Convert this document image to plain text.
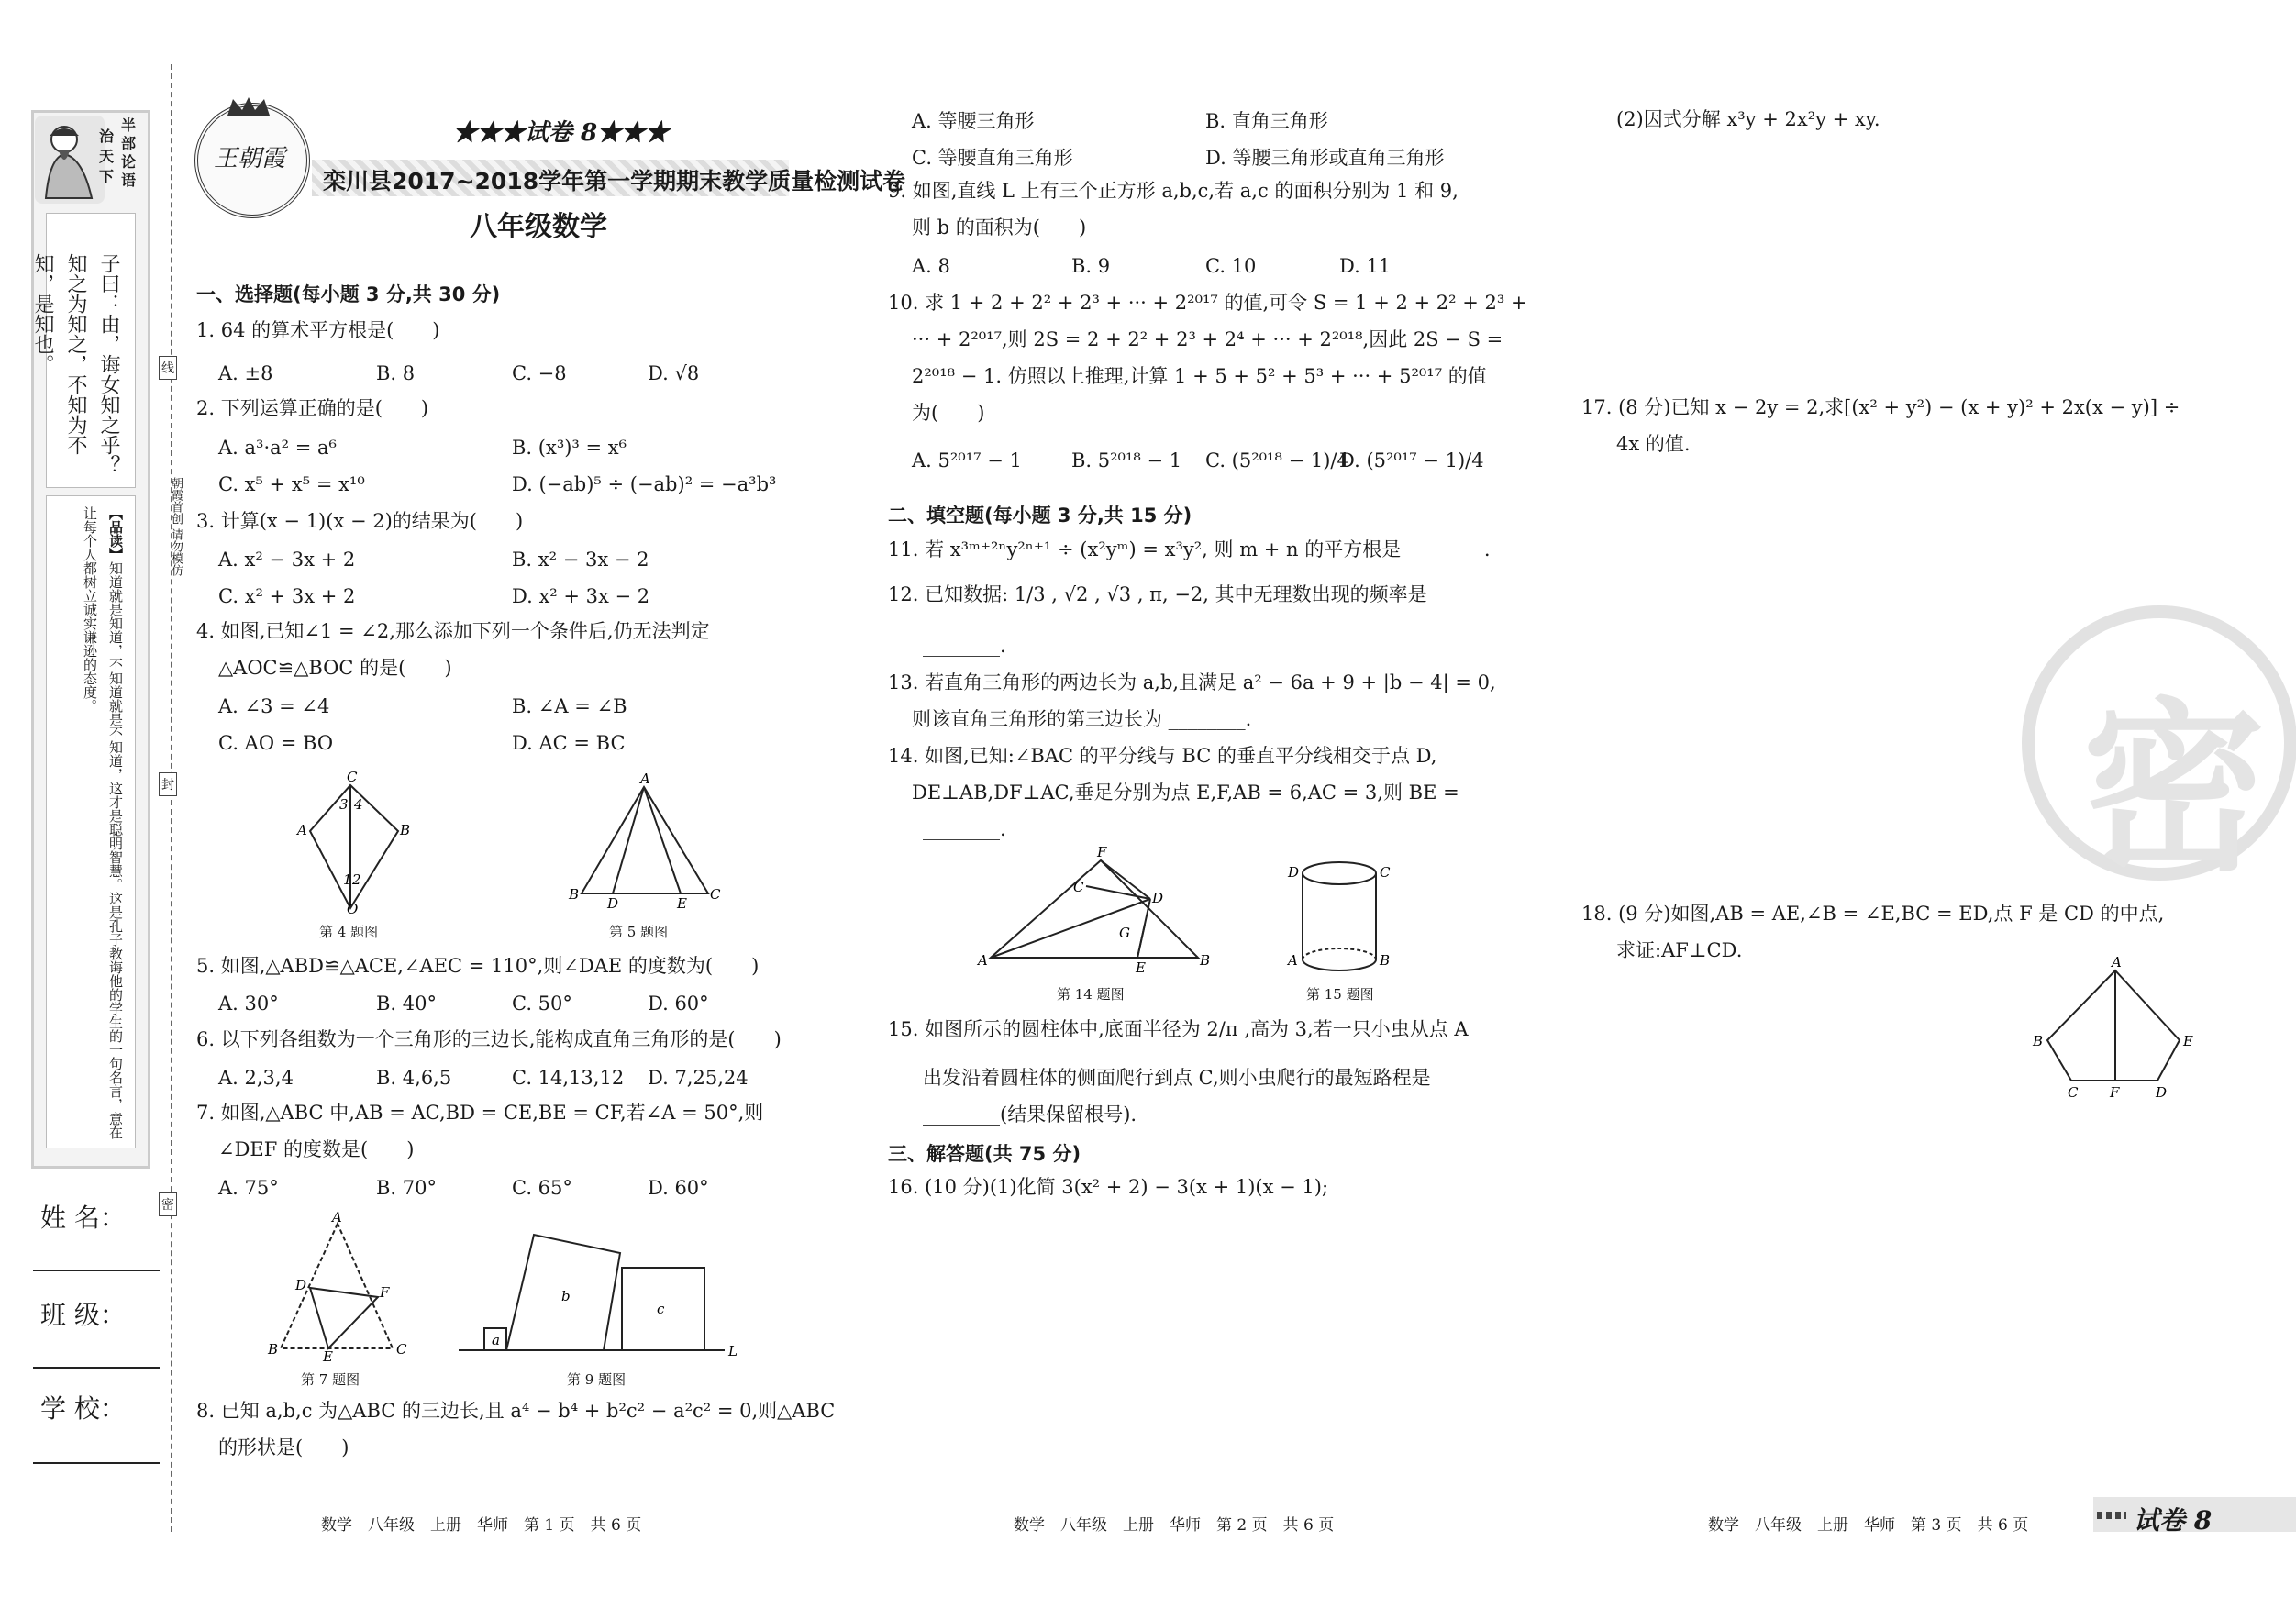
半
部
论
语
治
天
下
子曰：由，诲女知之乎？知之为知之，不知为不知，是知也。
【品读】知道就是知道，不知道就是不知道，这才是聪明智慧。这是孔子教诲他的学生的一句名言，意在让每个人都树立诚实谦逊的态度。
姓 名：
班 级：
学 校：
线
封
密
朝霞首创 请勿模仿
王朝霞
★★★试卷 8★★★
栾川县2017~2018学年第一学期期末教学质量检测试卷
八年级数学
一、选择题(每小题 3 分,共 30 分)
1. 64 的算术平方根是(　　)
A. ±8	B. 8	C. −8	D. √8
2. 下列运算正确的是(　　)
A. a³·a² = a⁶	B. (x³)³ = x⁶
C. x⁵ + x⁵ = x¹⁰	D. (−ab)⁵ ÷ (−ab)² = −a³b³
3. 计算(x − 1)(x − 2)的结果为(　　)
A. x² − 3x + 2	B. x² − 3x − 2
C. x² + 3x + 2	D. x² + 3x − 2
4. 如图,已知∠1 = ∠2,那么添加下列一个条件后,仍无法判定
△AOC≌△BOC 的是(　　)
A. ∠3 = ∠4	B. ∠A = ∠B
C. AO = BO	D. AC = BC
C
B
O
A
3 4
1 2
第 4 题图
A
B
D	E
C
第 5 题图
5. 如图,△ABD≌△ACE,∠AEC = 110°,则∠DAE 的度数为(　　)
A. 30°	B. 40°	C. 50°	D. 60°
6. 以下列各组数为一个三角形的三边长,能构成直角三角形的是(　　)
A. 2,3,4	B. 4,6,5	C. 14,13,12 D. 7,25,24
7. 如图,△ABC 中,AB = AC,BD = CE,BE = CF,若∠A = 50°,则
∠DEF 的度数是(　　)
A. 75°	B. 70°	C. 65°	D. 60°
A
B	C
D
E
F
第 7 题图
a
b
c
L
第 9 题图
8. 已知 a,b,c 为△ABC 的三边长,且 a⁴ − b⁴ + b²c² − a²c² = 0,则△ABC
的形状是(　　)
数学　八年级　上册　华师　第 1 页　共 6 页
A. 等腰三角形	B. 直角三角形
C. 等腰直角三角形	D. 等腰三角形或直角三角形
9. 如图,直线 L 上有三个正方形 a,b,c,若 a,c 的面积分别为 1 和 9,
则 b 的面积为(　　)
A. 8	B. 9	C. 10	D. 11
10. 求 1 + 2 + 2² + 2³ + ··· + 2²⁰¹⁷ 的值,可令 S = 1 + 2 + 2² + 2³ +
··· + 2²⁰¹⁷,则 2S = 2 + 2² + 2³ + 2⁴ + ··· + 2²⁰¹⁸,因此 2S − S =
2²⁰¹⁸ − 1. 仿照以上推理,计算 1 + 5 + 5² + 5³ + ··· + 5²⁰¹⁷ 的值
为(　　)
A. 5²⁰¹⁷ − 1	B. 5²⁰¹⁸ − 1 C. (5²⁰¹⁸ − 1)/4
D. (5²⁰¹⁷ − 1)/4
二、填空题(每小题 3 分,共 15 分)
11. 若 x³ᵐ⁺²ⁿy²ⁿ⁺¹ ÷ (x²yᵐ) = x³y², 则 m + n 的平方根是 ________.
12. 已知数据: 1/3 , √2 , √3 , π, −2, 其中无理数出现的频率是
________.
13. 若直角三角形的两边长为 a,b,且满足 a² − 6a + 9 + |b − 4| = 0,
则该直角三角形的第三边长为 ________.
14. 如图,已知:∠BAC 的平分线与 BC 的垂直平分线相交于点 D,
DE⊥AB,DF⊥AC,垂足分别为点 E,F,AB = 6,AC = 3,则 BE =
________.
A	B
F
C
D
E
G
第 14 题图
D	C
A	B
第 15 题图
15. 如图所示的圆柱体中,底面半径为 2/π ,高为 3,若一只小虫从点 A
出发沿着圆柱体的侧面爬行到点 C,则小虫爬行的最短路程是
________(结果保留根号).
三、解答题(共 75 分)
16. (10 分)(1)化简 3(x² + 2) − 3(x + 1)(x − 1);
数学　八年级　上册　华师　第 2 页　共 6 页
(2)因式分解 x³y + 2x²y + xy.
17. (8 分)已知 x − 2y = 2,求[(x² + y²) − (x + y)² + 2x(x − y)] ÷
4x 的值.
密
18. (9 分)如图,AB = AE,∠B = ∠E,BC = ED,点 F 是 CD 的中点,
求证:AF⊥CD.
A
B	E
C F	D
数学　八年级　上册　华师　第 3 页　共 6 页	试卷 8
